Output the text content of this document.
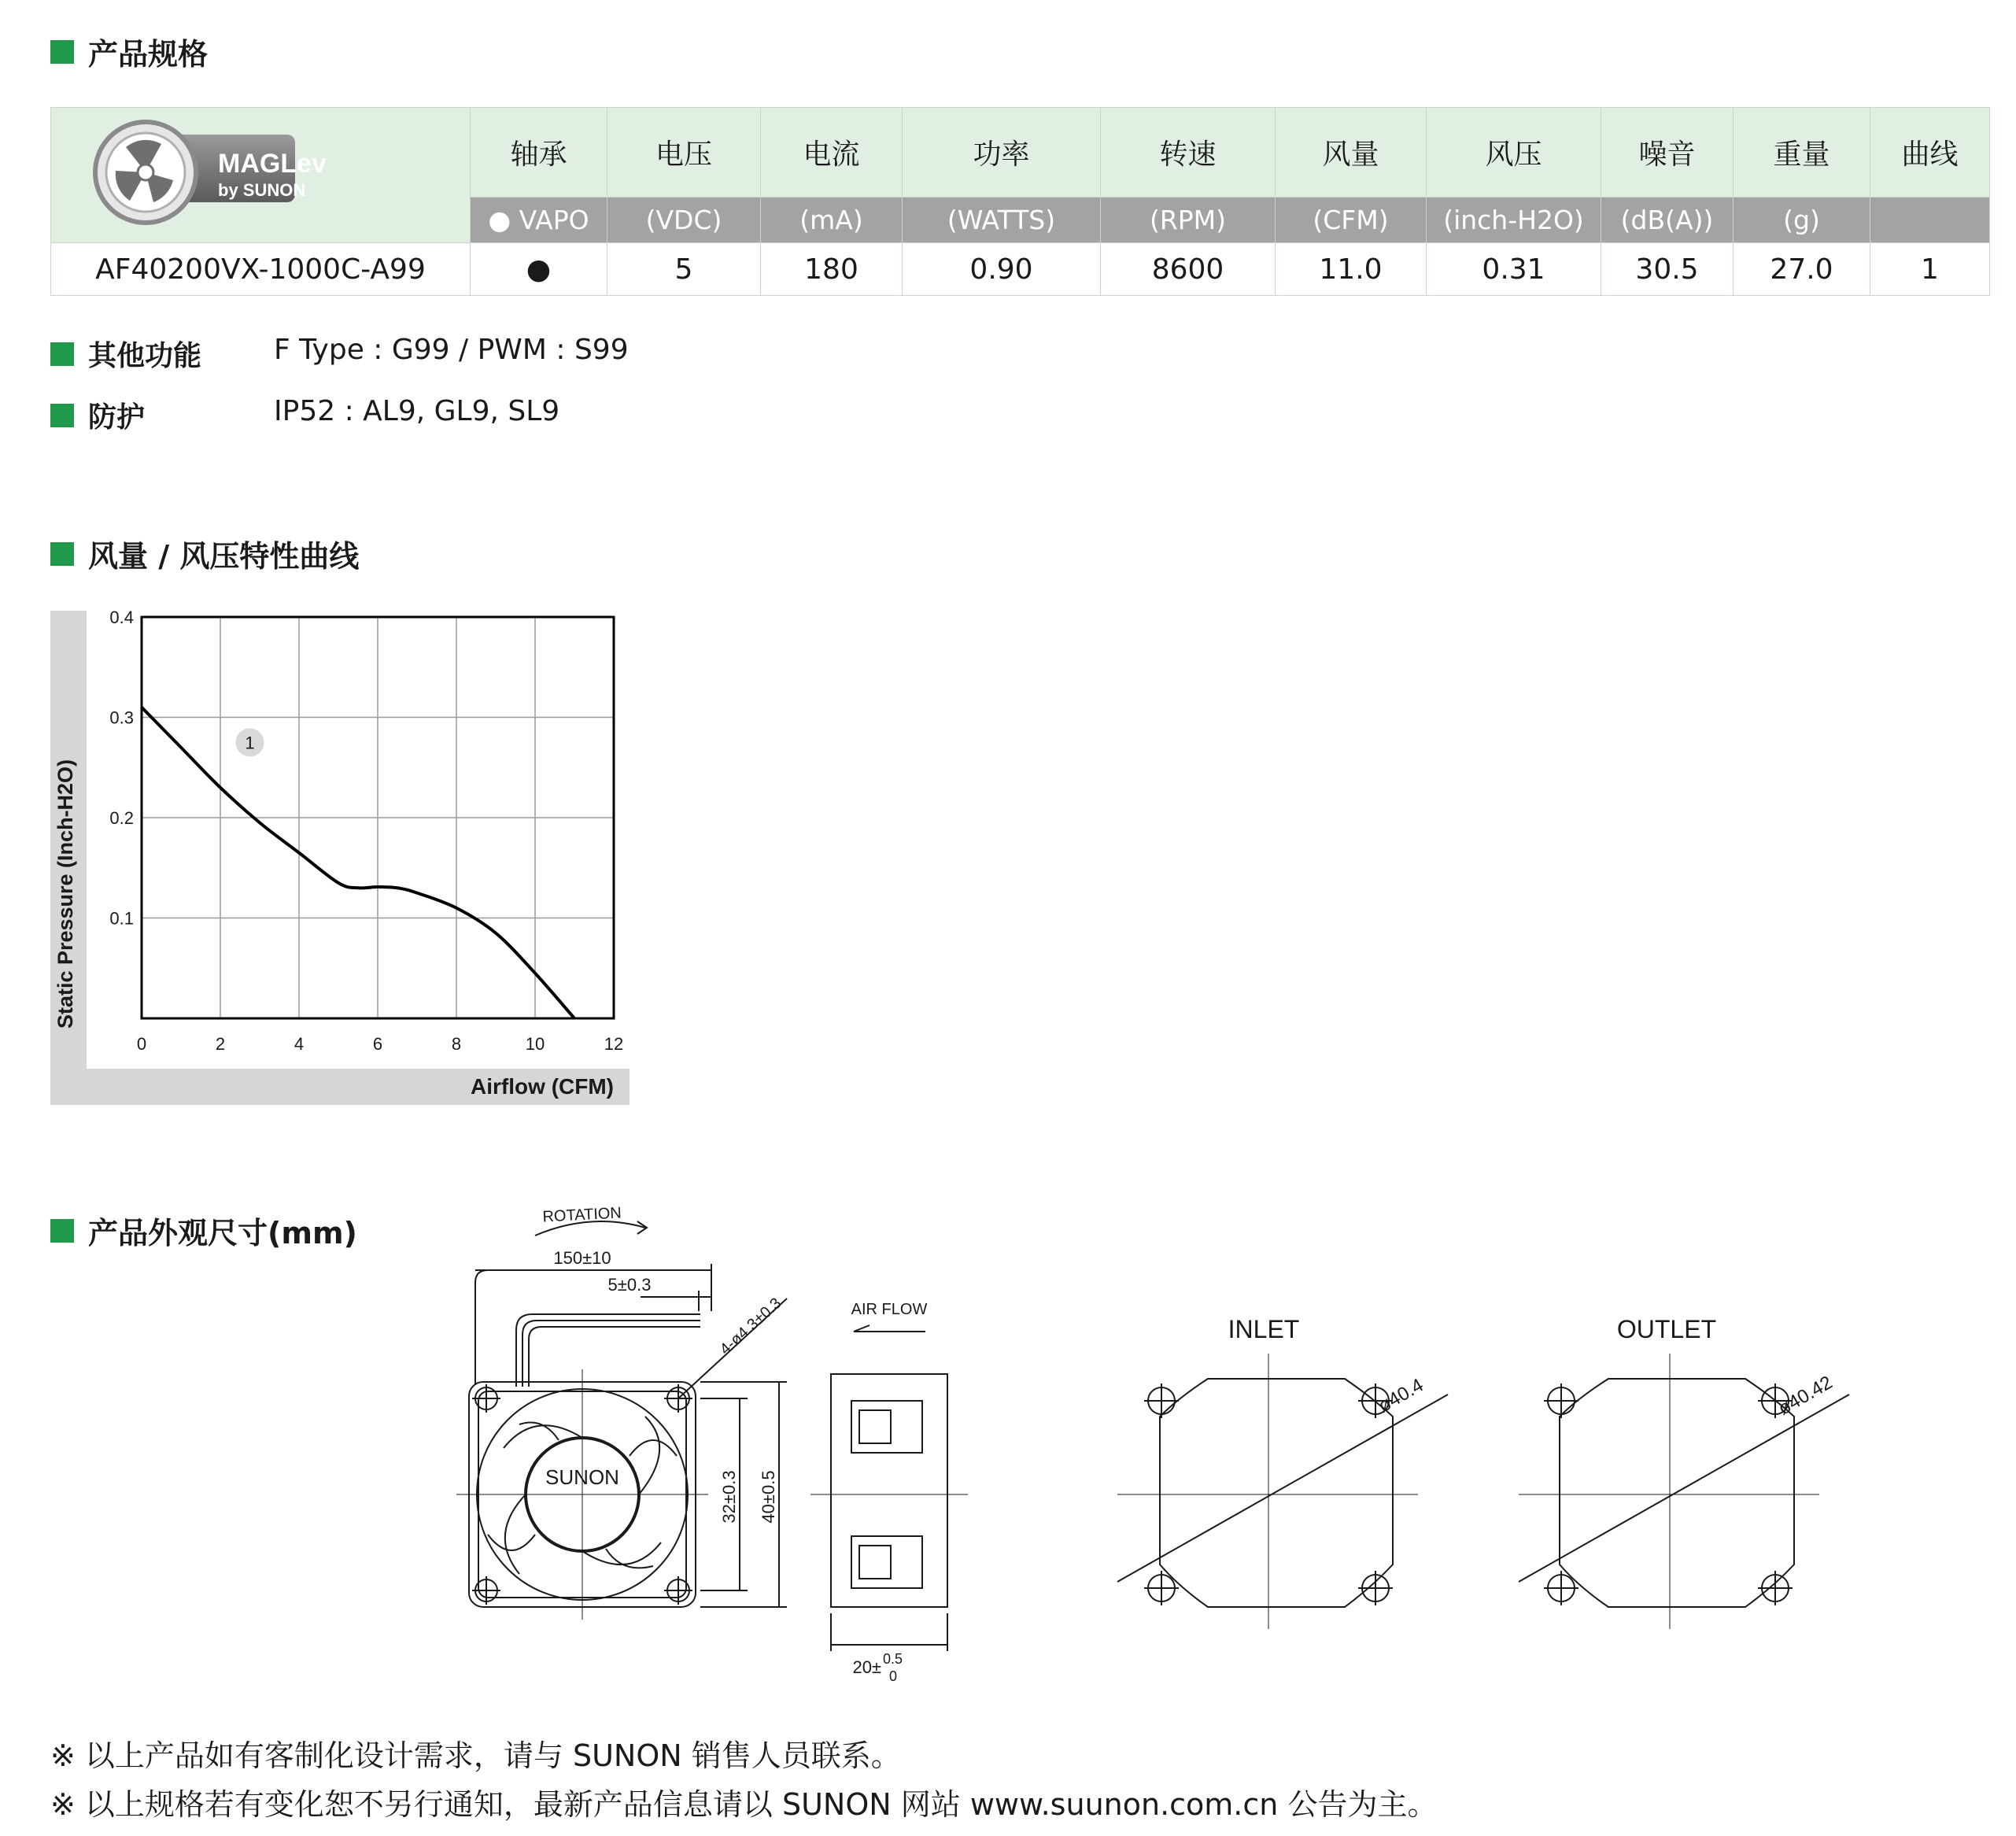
产品规格
MAGLev
by SUNON	轴承	电压	电流	功率	转速	风量	风压	噪音	重量	曲线
	● VAPO	(VDC)	(mA)	(WATTS)	(RPM)	(CFM)	(inch-H2O)	(dB(A))	(g)	
AF40200VX-1000C-A99	●	5	180	0.90	8600	11.0	0.31	30.5	27.0	1
其他功能	F Type : G99 / PWM : S99
防护	IP52 : AL9, GL9, SL9
风量 / 风压特性曲线
0	2	4	6	8	10	12
0.1
0.2
0.3
0.4
1
Static Pressure (Inch-H2O)
Airflow (CFM)
产品外观尺寸(mm)
ROTATION
150±10
5±0.3
SUNON
4-ø4.3±0.3
32±0.3 40±0.5
AIR FLOW
20± 0.5
0
INLET
ø40.4
OUTLET
ø40.42
※ 以上产品如有客制化设计需求，请与 SUNON 销售人员联系。
※ 以上规格若有变化恕不另行通知，最新产品信息请以 SUNON 网站 www.suunon.com.cn 公告为主。
